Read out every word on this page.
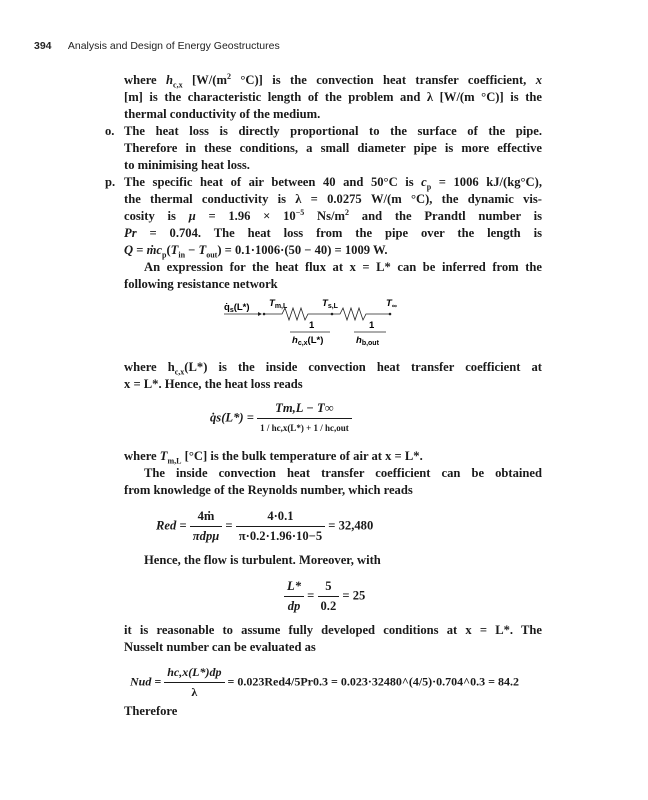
394 Analysis and Design of Energy Geostructures
where $h_{c,x}$ [$W/(m^2$ °C)] is the convection heat transfer coefficient, x
[m] is the characteristic length of the problem and λ [W/(m °C)] is the
thermal conductivity of the medium.
o. The heat loss is directly proportional to the surface of the pipe.
Therefore in these conditions, a small diameter pipe is more effective
to minimising heat loss.
p. The specific heat of air between 40 and 50°C is $c_p = 1006$ kJ/(kg°C),
the thermal conductivity is λ = 0.0275 W/(m °C), the dynamic vis-
cosity is $\mu = 1.96 \times 10^{-5}$ $Ns/m^2$ and the Prandtl number is
Pr = 0.704. The heat loss from the pipe over the length is
$Q = ṁc_p(T_{in} - T_{out}) = 0.1\cdot 1006\cdot(50 - 40) = 1009$ W.
An expression for the heat flux at x = L* can be inferred from the
following resistance network
$q̇_s(L*)$ $T_{m,L}$	$T_{s,L}$	$T_\infty$
1
$h_{c,x}(L*)$
1
$h_{b,out}$
where $h_{c,x}(L*)$ is the inside convection heat transfer coefficient at
x = L*. Hence, the heat loss reads
q̇s(L*) = $\frac{Tm,L - T\infty}{\text{1 / hc,x(L*) + 1 / hc,out}}$
where $T_{m,L}$ [°C] is the bulk temperature of air at x = L*.
The inside convection heat transfer coefficient can be obtained
from knowledge of the Reynolds number, which reads
Red = $\frac{\text{4ṁ}}{\text{πdpμ}} = \frac{4\cdot 0.1}{\pi\cdot 0.2\cdot 1.96\cdot 10-5} = 32,480$
Hence, the flow is turbulent. Moreover, with
$\frac{L*}{dp} = \frac{5}{0.2} = 25$
it is reasonable to assume fully developed conditions at x = L*. The
Nusselt number can be evaluated as
Nud = $\frac{hc,x(L*)dp}{\lambda} = 0.023Red4/5Pr0.3$ = 0.023·32480^(4/5)·0.704^0.3 = 84.2
Therefore
